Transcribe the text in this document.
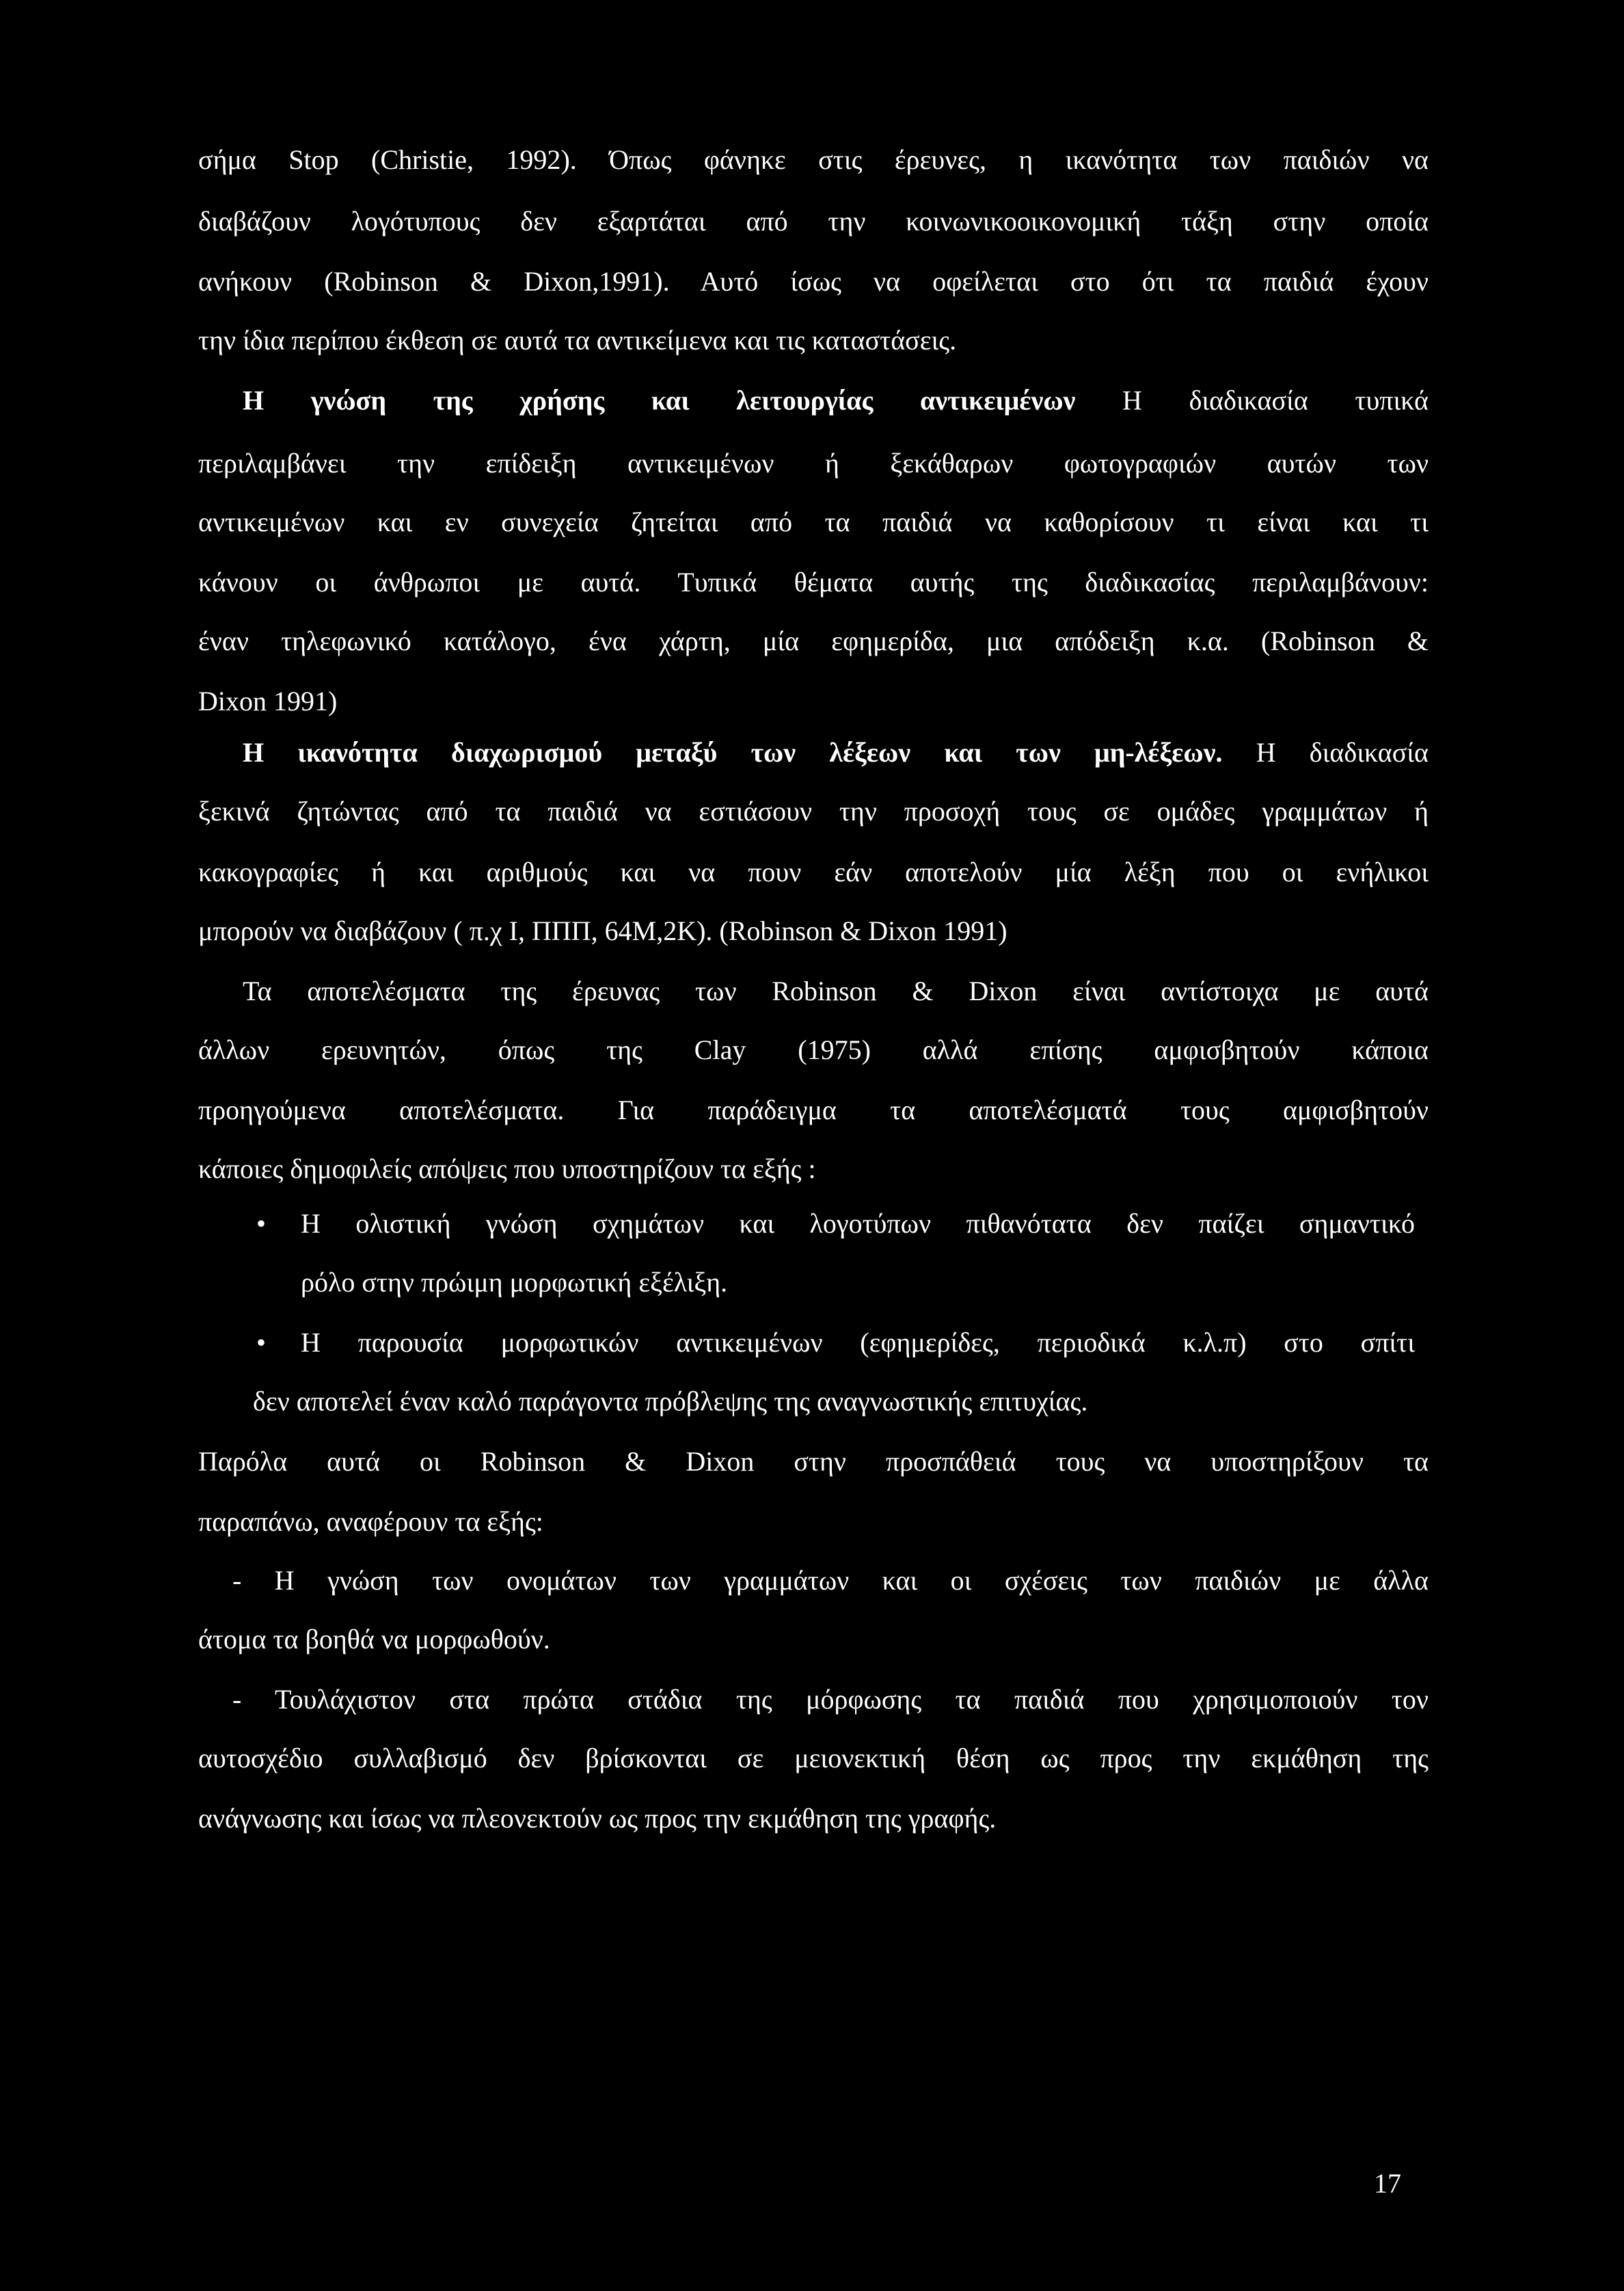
σήμα Stop (Christie, 1992). Όπως φάνηκε στις έρευνες, η ικανότητα των παιδιών να
διαβάζουν λογότυπους δεν εξαρτάται από την κοινωνικοοικονομική τάξη στην οποία
ανήκουν (Robinson & Dixon,1991). Αυτό ίσως να οφείλεται στο ότι τα παιδιά έχουν
την ίδια περίπου έκθεση σε αυτά τα αντικείμενα και τις καταστάσεις.
Η γνώση της χρήσης και λειτουργίας αντικειμένων Η διαδικασία τυπικά
περιλαμβάνει την επίδειξη αντικειμένων ή ξεκάθαρων φωτογραφιών αυτών των
αντικειμένων και εν συνεχεία ζητείται από τα παιδιά να καθορίσουν τι είναι και τι
κάνουν οι άνθρωποι με αυτά. Τυπικά θέματα αυτής της διαδικασίας περιλαμβάνουν:
έναν τηλεφωνικό κατάλογο, ένα χάρτη, μία εφημερίδα, μια απόδειξη κ.α. (Robinson &
Dixon 1991)
Η ικανότητα διαχωρισμού μεταξύ των λέξεων και των μη-λέξεων. Η διαδικασία
ξεκινά ζητώντας από τα παιδιά να εστιάσουν την προσοχή τους σε ομάδες γραμμάτων ή
κακογραφίες ή και αριθμούς και να πουν εάν αποτελούν μία λέξη που οι ενήλικοι
μπορούν να διαβάζουν ( π.χ Ι, ΠΠΠ, 64Μ,2Κ). (Robinson & Dixon 1991)
Τα αποτελέσματα της έρευνας των Robinson & Dixon είναι αντίστοιχα με αυτά
άλλων ερευνητών, όπως της Clay (1975) αλλά επίσης αμφισβητούν κάποια
προηγούμενα αποτελέσματα. Για παράδειγμα τα αποτελέσματά τους αμφισβητούν
κάποιες δημοφιλείς απόψεις που υποστηρίζουν τα εξής :
•	Η ολιστική γνώση σχημάτων και λογοτύπων πιθανότατα δεν παίζει σημαντικό
ρόλο στην πρώιμη μορφωτική εξέλιξη.
•	Η παρουσία μορφωτικών αντικειμένων (εφημερίδες, περιοδικά κ.λ.π) στο σπίτι
δεν αποτελεί έναν καλό παράγοντα πρόβλεψης της αναγνωστικής επιτυχίας.
Παρόλα αυτά οι Robinson & Dixon στην προσπάθειά τους να υποστηρίξουν τα
παραπάνω, αναφέρουν τα εξής:
- Η γνώση των ονομάτων των γραμμάτων και οι σχέσεις των παιδιών με άλλα
άτομα τα βοηθά να μορφωθούν.
- Τουλάχιστον στα πρώτα στάδια της μόρφωσης τα παιδιά που χρησιμοποιούν τον
αυτοσχέδιο συλλαβισμό δεν βρίσκονται σε μειονεκτική θέση ως προς την εκμάθηση της
ανάγνωσης και ίσως να πλεονεκτούν ως προς την εκμάθηση της γραφής.
17
